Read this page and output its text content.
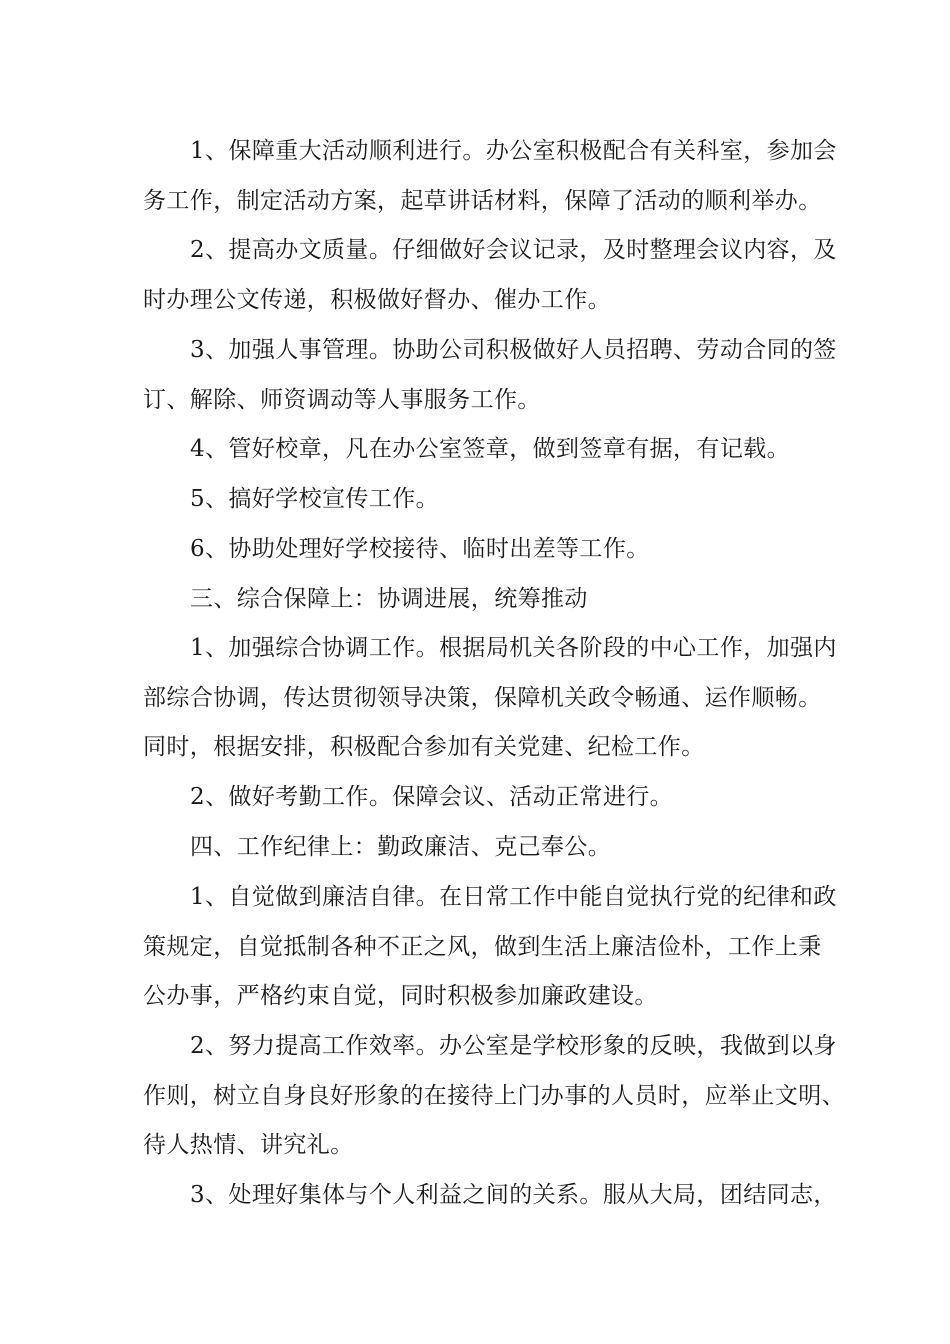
1、保障重大活动顺利进行。办公室积极配合有关科室，参加会
务工作，制定活动方案，起草讲话材料，保障了活动的顺利举办。
2、提高办文质量。仔细做好会议记录，及时整理会议内容，及
时办理公文传递，积极做好督办、催办工作。
3、加强人事管理。协助公司积极做好人员招聘、劳动合同的签
订、解除、师资调动等人事服务工作。
4、管好校章，凡在办公室签章，做到签章有据，有记载。
5、搞好学校宣传工作。
6、协助处理好学校接待、临时出差等工作。
三、综合保障上：协调进展，统筹推动
1、加强综合协调工作。根据局机关各阶段的中心工作，加强内
部综合协调，传达贯彻领导决策，保障机关政令畅通、运作顺畅。
同时，根据安排，积极配合参加有关党建、纪检工作。
2、做好考勤工作。保障会议、活动正常进行。
四、工作纪律上：勤政廉洁、克己奉公。
1、自觉做到廉洁自律。在日常工作中能自觉执行党的纪律和政
策规定，自觉抵制各种不正之风，做到生活上廉洁俭朴，工作上秉
公办事，严格约束自觉，同时积极参加廉政建设。
2、努力提高工作效率。办公室是学校形象的反映，我做到以身
作则，树立自身良好形象的在接待上门办事的人员时，应举止文明、
待人热情、讲究礼。
3、处理好集体与个人利益之间的关系。服从大局，团结同志，
